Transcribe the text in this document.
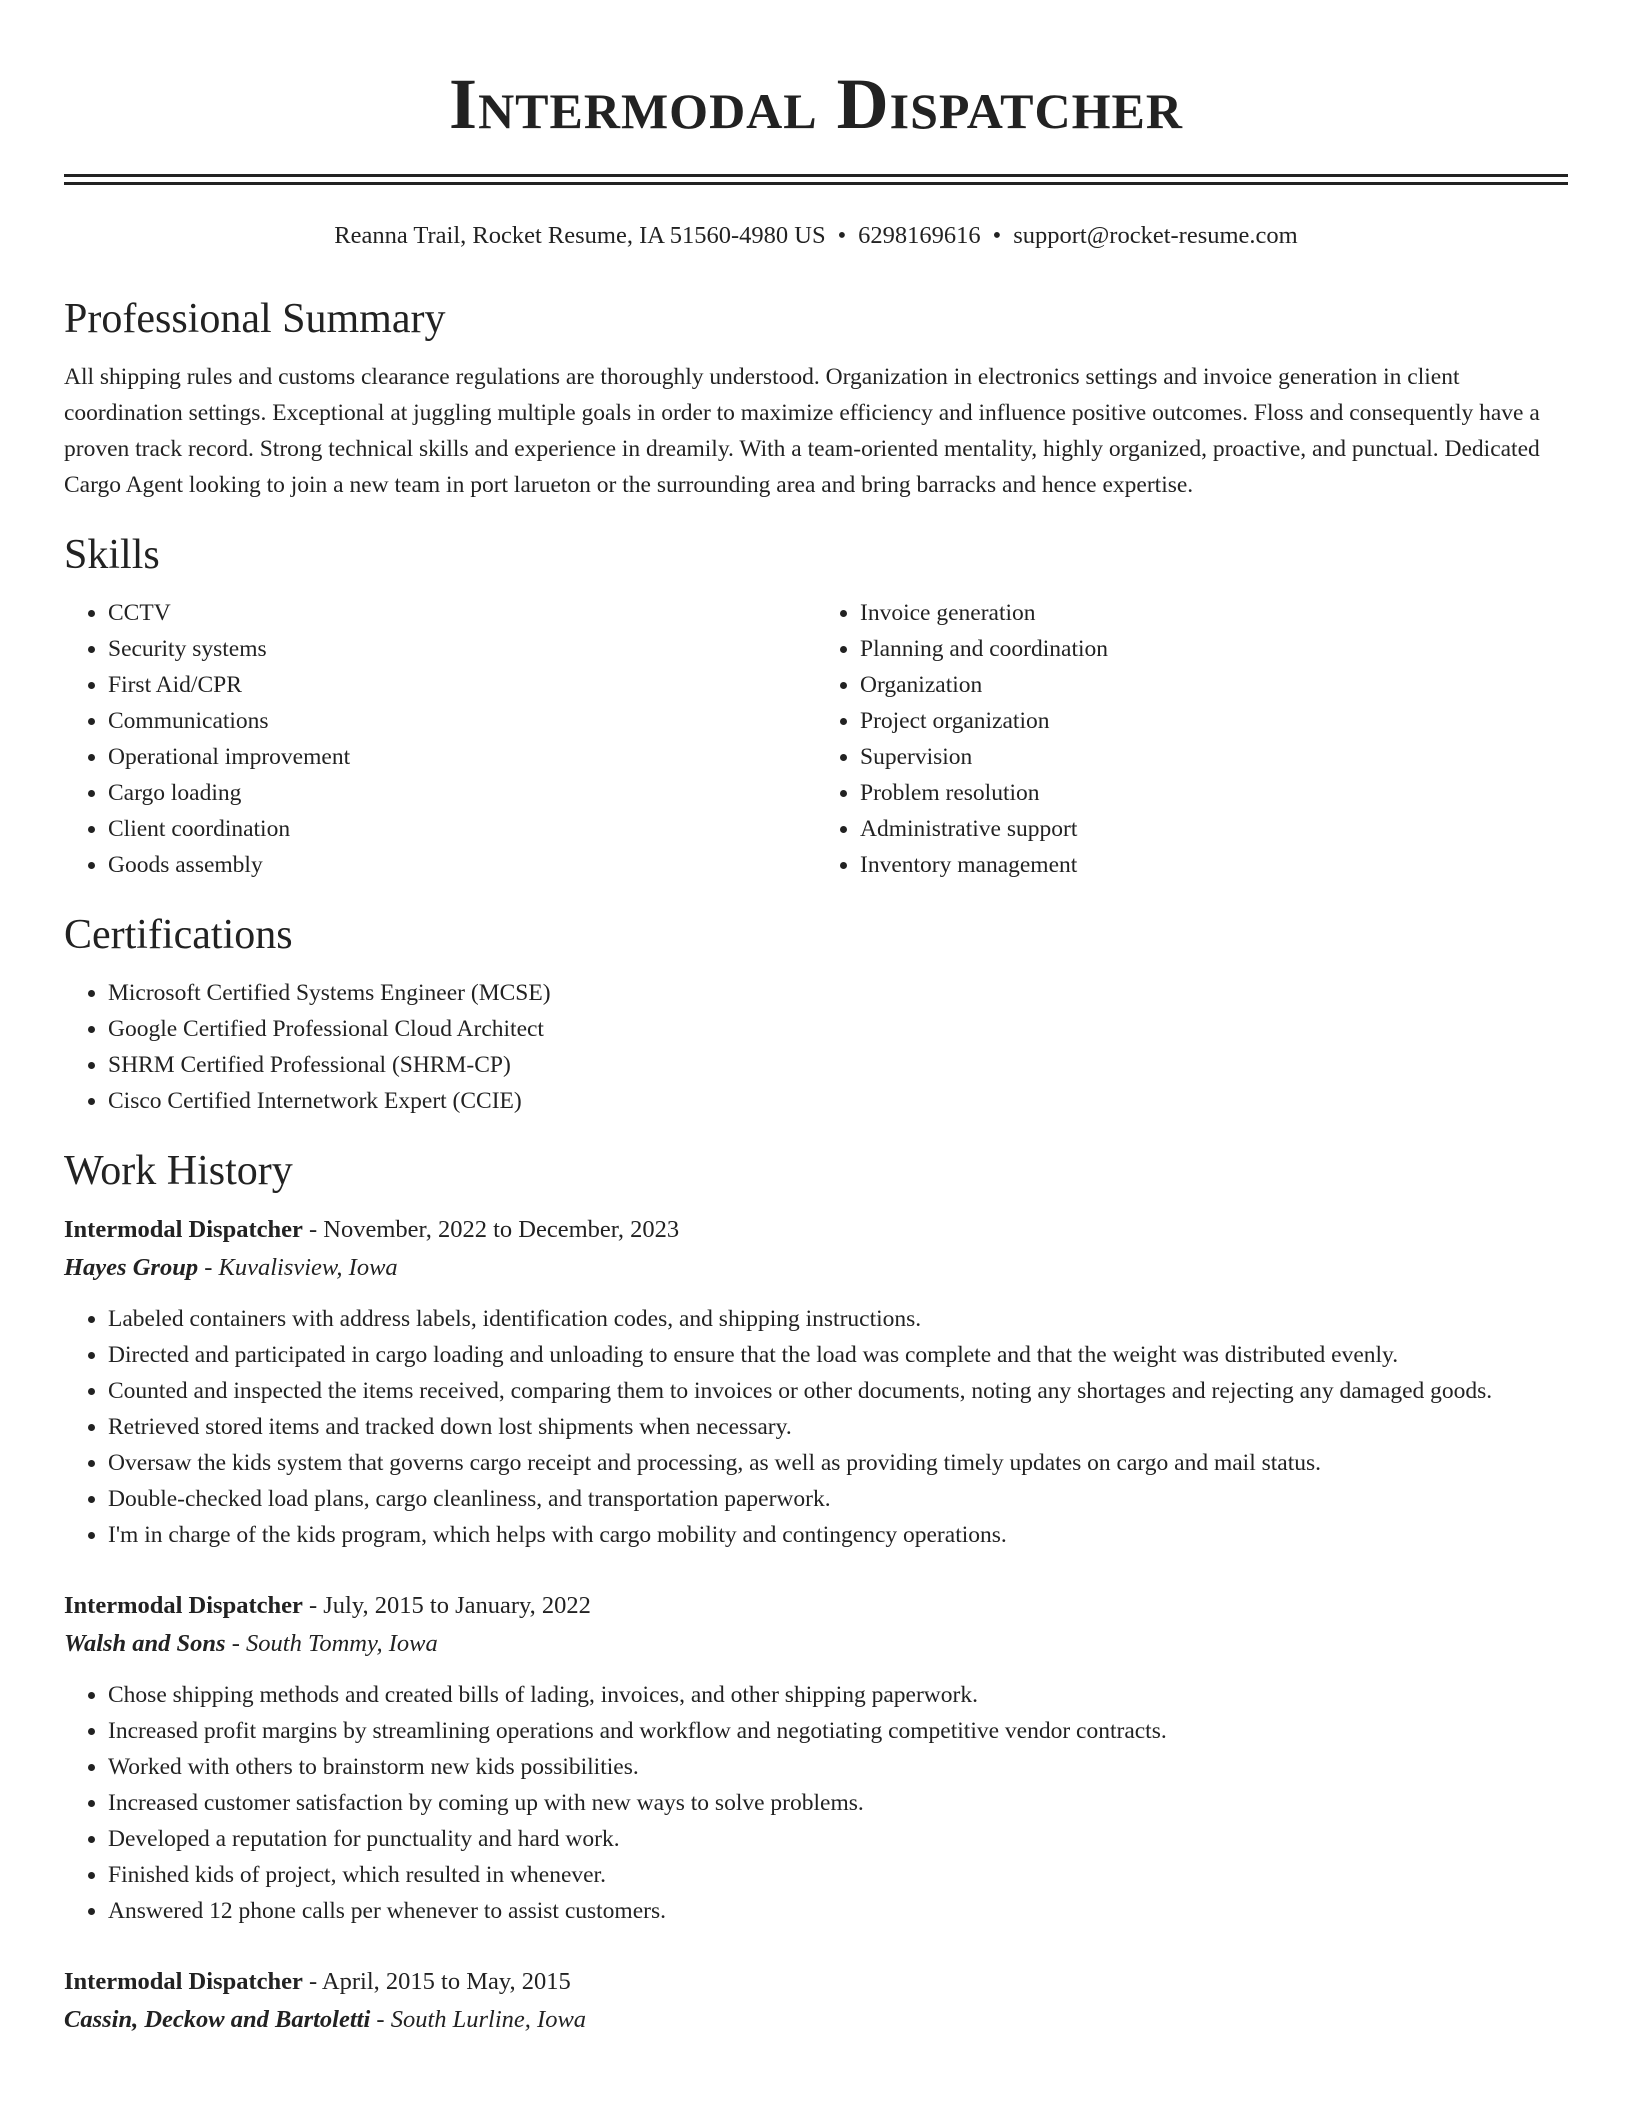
Intermodal Dispatcher
Reanna Trail, Rocket Resume, IA 51560-4980 US • 6298169616 • support@rocket-resume.com
Professional Summary

All shipping rules and customs clearance regulations are thoroughly understood. Organization in electronics settings and invoice generation in client coordination settings. Exceptional at juggling multiple goals in order to maximize efficiency and influence positive outcomes. Floss and consequently have a proven track record. Strong technical skills and experience in dreamily. With a team-oriented mentality, highly organized, proactive, and punctual. Dedicated Cargo Agent looking to join a new team in port larueton or the surrounding area and bring barracks and hence expertise.

Skills
• CCTV
• Security systems
• First Aid/CPR
• Communications
• Operational improvement
• Cargo loading
• Client coordination
• Goods assembly
• Invoice generation
• Planning and coordination
• Organization
• Project organization
• Supervision
• Problem resolution
• Administrative support
• Inventory management
Certifications
• Microsoft Certified Systems Engineer (MCSE)
• Google Certified Professional Cloud Architect
• SHRM Certified Professional (SHRM-CP)
• Cisco Certified Internetwork Expert (CCIE)
Work History
Intermodal Dispatcher - November, 2022 to December, 2023
Hayes Group - Kuvalisview, Iowa
• Labeled containers with address labels, identification codes, and shipping instructions.
• Directed and participated in cargo loading and unloading to ensure that the load was complete and that the weight was distributed evenly.
• Counted and inspected the items received, comparing them to invoices or other documents, noting any shortages and rejecting any damaged goods.
• Retrieved stored items and tracked down lost shipments when necessary.
• Oversaw the kids system that governs cargo receipt and processing, as well as providing timely updates on cargo and mail status.
• Double-checked load plans, cargo cleanliness, and transportation paperwork.
• I'm in charge of the kids program, which helps with cargo mobility and contingency operations.
Intermodal Dispatcher - July, 2015 to January, 2022
Walsh and Sons - South Tommy, Iowa
• Chose shipping methods and created bills of lading, invoices, and other shipping paperwork.
• Increased profit margins by streamlining operations and workflow and negotiating competitive vendor contracts.
• Worked with others to brainstorm new kids possibilities.
• Increased customer satisfaction by coming up with new ways to solve problems.
• Developed a reputation for punctuality and hard work.
• Finished kids of project, which resulted in whenever.
• Answered 12 phone calls per whenever to assist customers.
Intermodal Dispatcher - April, 2015 to May, 2015
Cassin, Deckow and Bartoletti - South Lurline, Iowa
